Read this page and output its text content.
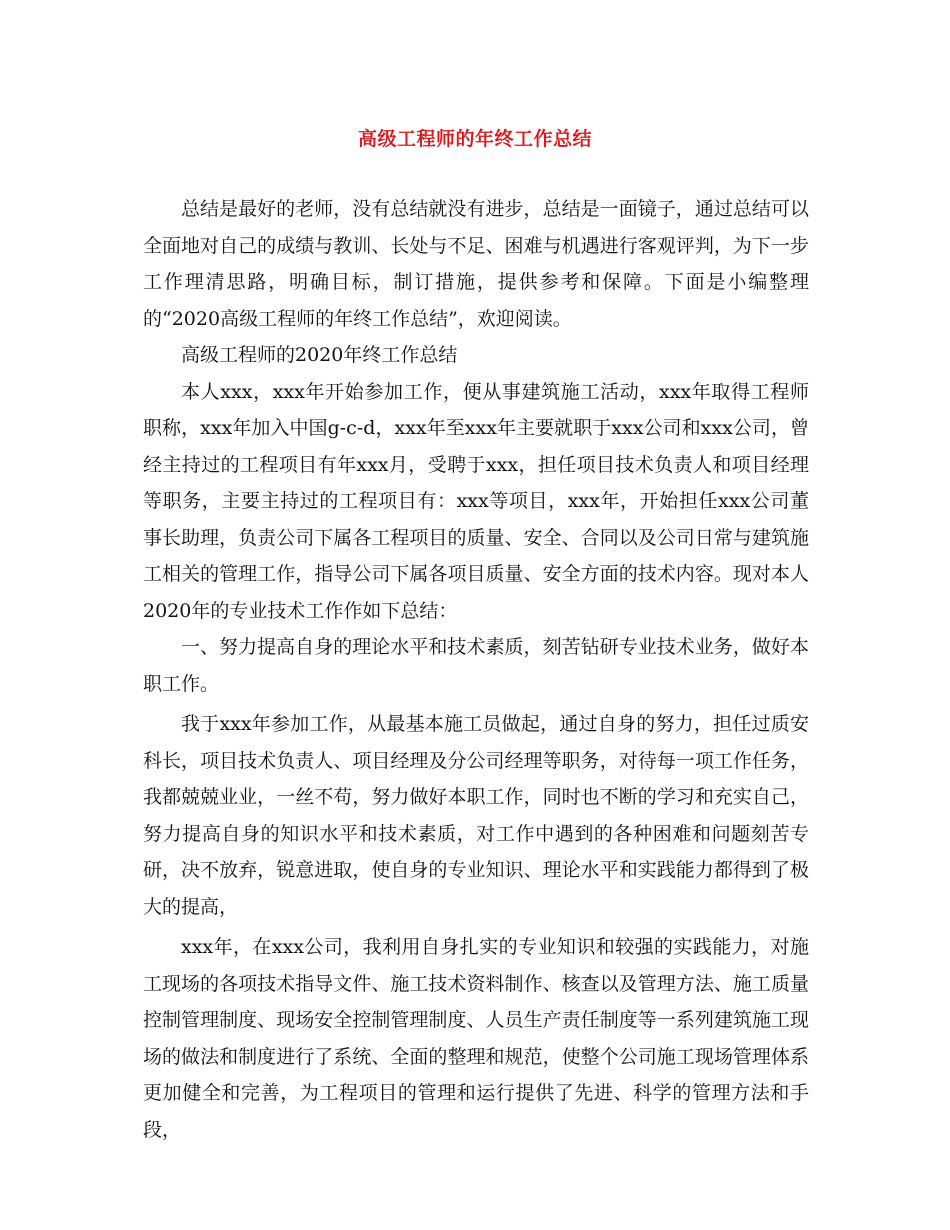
高级工程师的年终工作总结

总结是最好的老师，没有总结就没有进步，总结是一面镜子，通过总结可以全面地对自己的成绩与教训、长处与不足、困难与机遇进行客观评判，为下一步工作理清思路，明确目标，制订措施，提供参考和保障。下面是小编整理的“2020高级工程师的年终工作总结”，欢迎阅读。

高级工程师的2020年终工作总结

本人xxx，xxx年开始参加工作，便从事建筑施工活动，xxx年取得工程师职称，xxx年加入中国g-c-d，xxx年至xxx年主要就职于xxx公司和xxx公司，曾经主持过的工程项目有年xxx月，受聘于xxx，担任项目技术负责人和项目经理等职务，主要主持过的工程项目有：xxx等项目，xxx年，开始担任xxx公司董事长助理，负责公司下属各工程项目的质量、安全、合同以及公司日常与建筑施工相关的管理工作，指导公司下属各项目质量、安全方面的技术内容。现对本人2020年的专业技术工作作如下总结：

一、努力提高自身的理论水平和技术素质，刻苦钻研专业技术业务，做好本职工作。

我于xxx年参加工作，从最基本施工员做起，通过自身的努力，担任过质安科长，项目技术负责人、项目经理及分公司经理等职务，对待每一项工作任务，我都兢兢业业，一丝不苟，努力做好本职工作，同时也不断的学习和充实自己，努力提高自身的知识水平和技术素质，对工作中遇到的各种困难和问题刻苦专研，决不放弃，锐意进取，使自身的专业知识、理论水平和实践能力都得到了极大的提高，

xxx年，在xxx公司，我利用自身扎实的专业知识和较强的实践能力，对施工现场的各项技术指导文件、施工技术资料制作、核查以及管理方法、施工质量控制管理制度、现场安全控制管理制度、人员生产责任制度等一系列建筑施工现场的做法和制度进行了系统、全面的整理和规范，使整个公司施工现场管理体系更加健全和完善，为工程项目的管理和运行提供了先进、科学的管理方法和手段，
